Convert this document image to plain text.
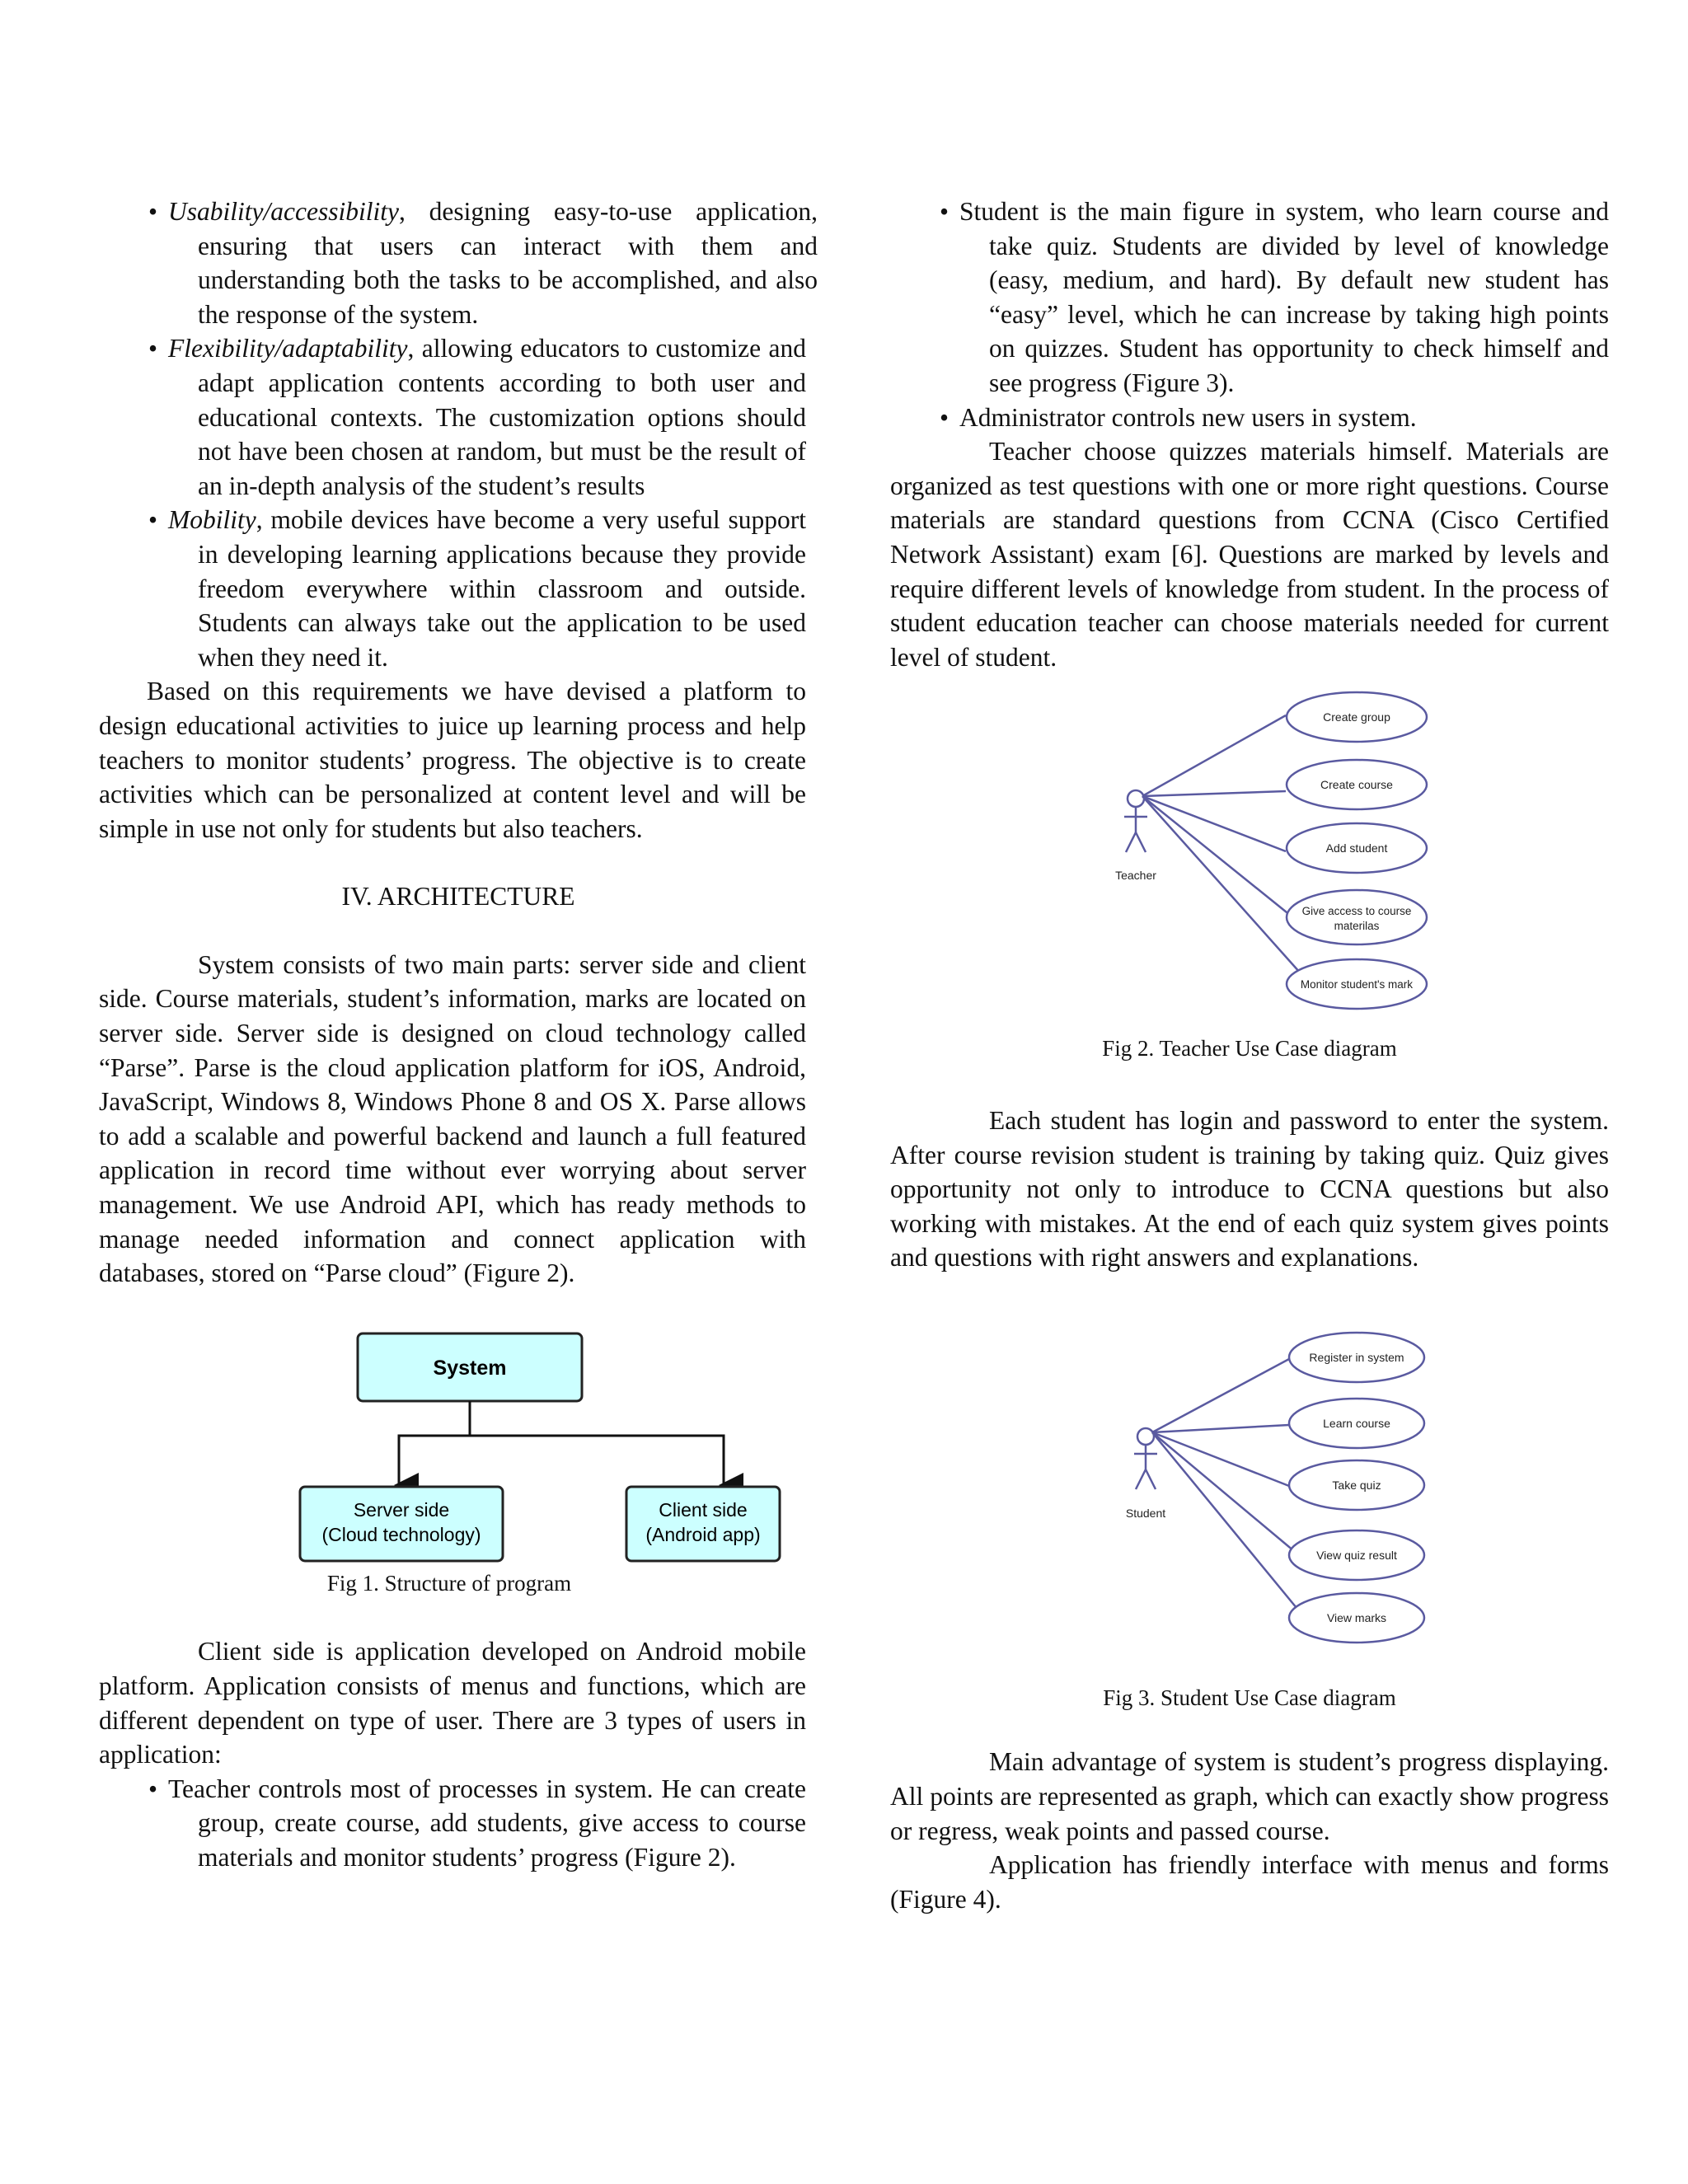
• Usability/accessibility, designing easy-to-use application, ensuring that users can interact with them and understanding both the tasks to be accomplished, and also the response of the system.

• Flexibility/adaptability, allowing educators to customize and adapt application contents according to both user and educational contexts. The customization options should not have been chosen at random, but must be the result of an in-depth analysis of the student’s results

• Mobility, mobile devices have become a very useful support in developing learning applications because they provide freedom everywhere within classroom and outside. Students can always take out the application to be used when they need it.

Based on this requirements we have devised a platform to design educational activities to juice up learning process and help teachers to monitor students’ progress. The objective is to create activities which can be personalized at content level and will be simple in use not only for students but also teachers.

IV. ARCHITECTURE

System consists of two main parts: server side and client side. Course materials, student’s information, marks are located on server side. Server side is designed on cloud technology called “Parse”. Parse is the cloud application platform for iOS, Android, JavaScript, Windows 8, Windows Phone 8 and OS X. Parse allows to add a scalable and powerful backend and launch a full featured application in record time without ever worrying about server management. We use Android API, which has ready methods to manage needed information and connect application with databases, stored on “Parse cloud” (Figure 2).

System
Server side
(Cloud technology)
Client side
(Android app)

Fig 1. Structure of program

Client side is application developed on Android mobile platform. Application consists of menus and functions, which are different dependent on type of user. There are 3 types of users in application:

• Teacher controls most of processes in system. He can create group, create course, add students, give access to course materials and monitor students’ progress (Figure 2).

• Student is the main figure in system, who learn course and take quiz. Students are divided by level of knowledge (easy, medium, and hard). By default new student has “easy” level, which he can increase by taking high points on quizzes. Student has opportunity to check himself and see progress (Figure 3).

• Administrator controls new users in system.

Teacher choose quizzes materials himself. Materials are organized as test questions with one or more right questions. Course materials are standard questions from CCNA (Cisco Certified Network Assistant) exam [6]. Questions are marked by levels and require different levels of knowledge from student. In the process of student education teacher can choose materials needed for current level of student.

Teacher
Create group
Create course
Add student
Give access to course
materilas
Monitor student's mark

Fig 2. Teacher Use Case diagram

Each student has login and password to enter the system. After course revision student is training by taking quiz. Quiz gives opportunity not only to introduce to CCNA questions but also working with mistakes. At the end of each quiz system gives points and questions with right answers and explanations.

Student
Register in system
Learn course
Take quiz
View quiz result
View marks

Fig 3. Student Use Case diagram

Main advantage of system is student’s progress displaying. All points are represented as graph, which can exactly show progress or regress, weak points and passed course.

Application has friendly interface with menus and forms (Figure 4).
